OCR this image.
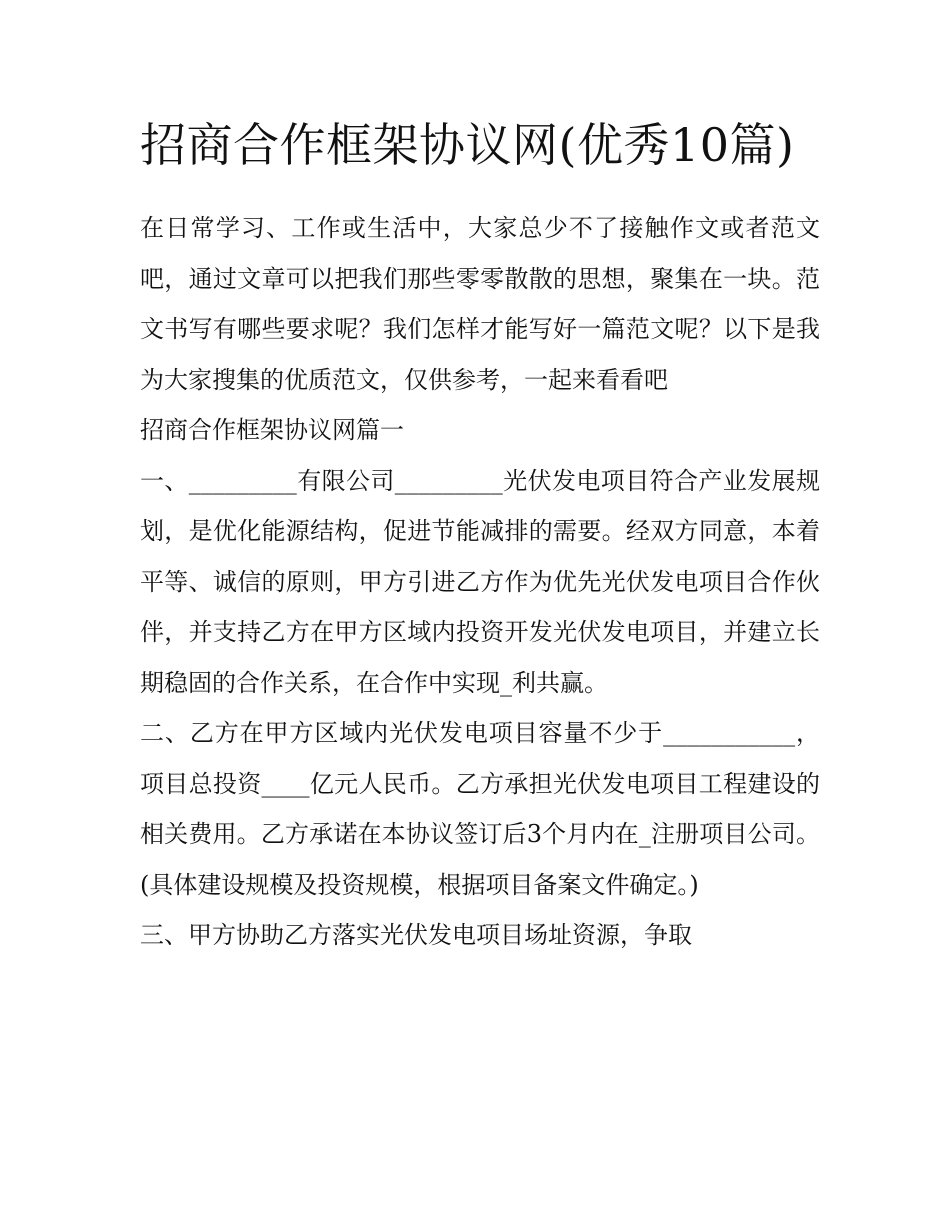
招商合作框架协议网(优秀10篇)

在日常学习、工作或生活中，大家总少不了接触作文或者范文吧，通过文章可以把我们那些零零散散的思想，聚集在一块。范文书写有哪些要求呢？我们怎样才能写好一篇范文呢？以下是我为大家搜集的优质范文，仅供参考，一起来看看吧

招商合作框架协议网篇一

一、_________有限公司_________光伏发电项目符合产业发展规划，是优化能源结构，促进节能减排的需要。经双方同意，本着平等、诚信的原则，甲方引进乙方作为优先光伏发电项目合作伙伴，并支持乙方在甲方区域内投资开发光伏发电项目，并建立长期稳固的合作关系，在合作中实现_利共赢。

二、乙方在甲方区域内光伏发电项目容量不少于___________，项目总投资____亿元人民币。乙方承担光伏发电项目工程建设的相关费用。乙方承诺在本协议签订后3个月内在_注册项目公司。(具体建设规模及投资规模，根据项目备案文件确定。)

三、甲方协助乙方落实光伏发电项目场址资源，争取
